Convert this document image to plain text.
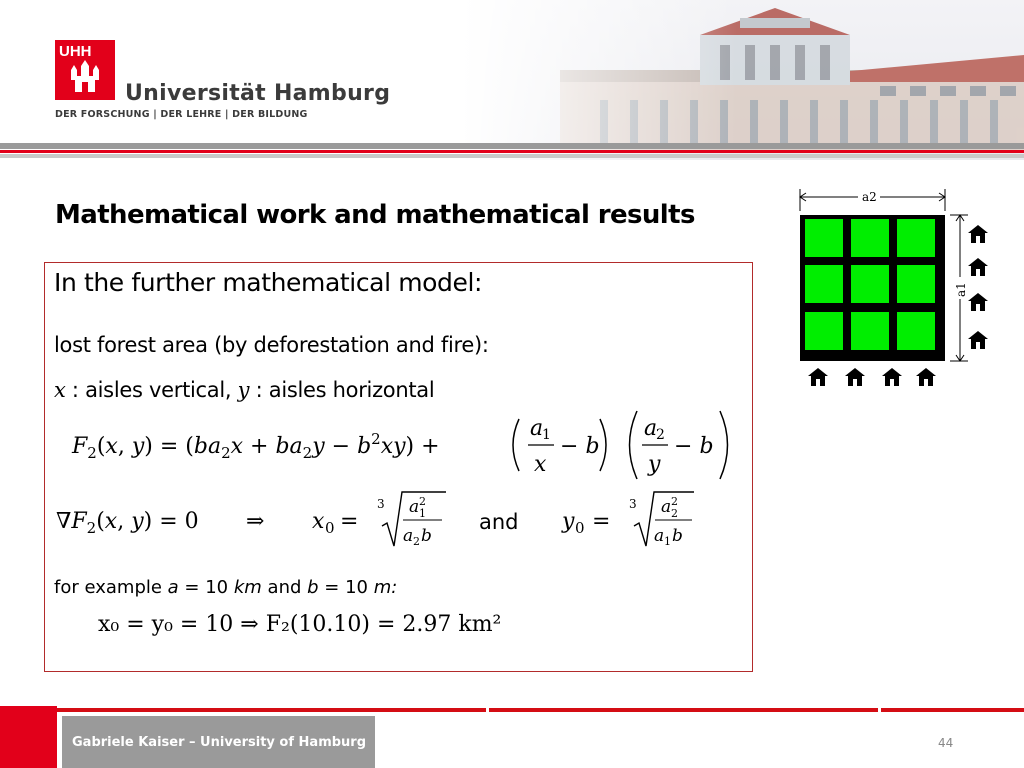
UHH
Universität Hamburg
DER FORSCHUNG | DER LEHRE | DER BILDUNG
Mathematical work and mathematical results
In the further mathematical model:
lost forest area (by deforestation and fire):
x : aisles vertical, y : aisles horizontal
$F_2(x$, $y) = (ba_2x + ba_2y - b^2xy)$ +
a
1
x
− b
a
2
y
− b
$\nabla F_2(x$, y) = 0 ⇒ x 0 =
3 a 2
1
a 2 b
y 0 =
3 a 2
2
a 1 b
and
for example a = 10 km and b = 10 m:
x₀ = y₀ = 10 ⇒ F₂(10.10) = 2.97 km²
a2
a1
Gabriele Kaiser – University of Hamburg	44
